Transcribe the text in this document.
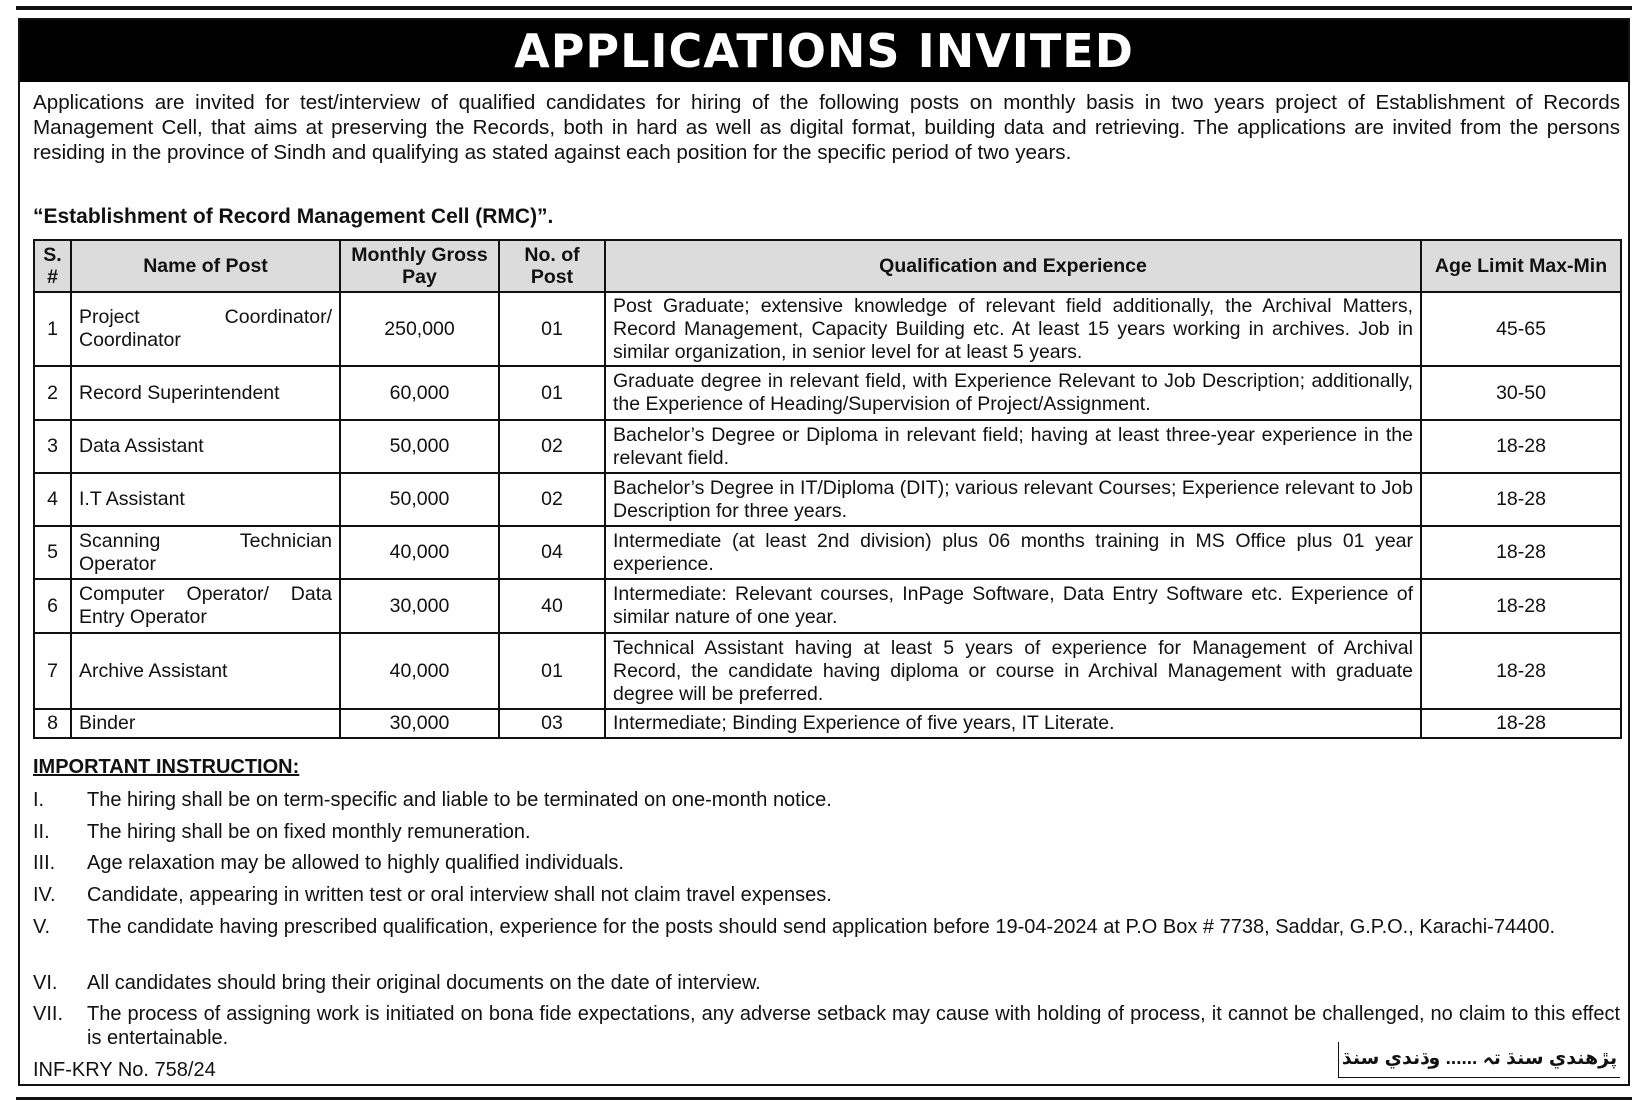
APPLICATIONS INVITED
Applications are invited for test/interview of qualified candidates for hiring of the following posts on monthly basis in two years project of Establishment of Records Management Cell, that aims at preserving the Records, both in hard as well as digital format, building data and retrieving. The applications are invited from the persons residing in the province of Sindh and qualifying as stated against each position for the specific period of two years.
“Establishment of Record Management Cell (RMC)”.
S. #	Name of Post	Monthly Gross Pay	No. of Post	Qualification and Experience	Age Limit Max-Min
1	Project Coordinator/ Coordinator	250,000	01	Post Graduate; extensive knowledge of relevant field additionally, the Archival Matters, Record Management, Capacity Building etc. At least 15 years working in archives. Job in similar organization, in senior level for at least 5 years.	45-65
2	Record Superintendent	60,000	01	Graduate degree in relevant field, with Experience Relevant to Job Description; additionally, the Experience of Heading/Supervision of Project/Assignment.	30-50
3	Data Assistant	50,000	02	Bachelor’s Degree or Diploma in relevant field; having at least three-year experience in the relevant field.	18-28
4	I.T Assistant	50,000	02	Bachelor’s Degree in IT/Diploma (DIT); various relevant Courses; Experience relevant to Job Description for three years.	18-28
5	Scanning Technician Operator	40,000	04	Intermediate (at least 2nd division) plus 06 months training in MS Office plus 01 year experience.	18-28
6	Computer Operator/ Data Entry Operator	30,000	40	Intermediate: Relevant courses, InPage Software, Data Entry Software etc. Experience of similar nature of one year.	18-28
7	Archive Assistant	40,000	01	Technical Assistant having at least 5 years of experience for Management of Archival Record, the candidate having diploma or course in Archival Management with graduate degree will be preferred.	18-28
8	Binder	30,000	03	Intermediate; Binding Experience of five years, IT Literate.	18-28
IMPORTANT INSTRUCTION:
I. The hiring shall be on term-specific and liable to be terminated on one-month notice.
II. The hiring shall be on fixed monthly remuneration.
III. Age relaxation may be allowed to highly qualified individuals.
IV. Candidate, appearing in written test or oral interview shall not claim travel expenses.
V. The candidate having prescribed qualification, experience for the posts should send application before 19-04-2024 at P.O Box # 7738, Saddar, G.P.O., Karachi-74400.
VI. All candidates should bring their original documents on the date of interview.
VII. The process of assigning work is initiated on bona fide expectations, any adverse setback may cause with holding of process, it cannot be challenged, no claim to this effect is entertainable.
INF-KRY No. 758/24
پڙهندي سنڌ تہ ...... وڌندي سنڌ
